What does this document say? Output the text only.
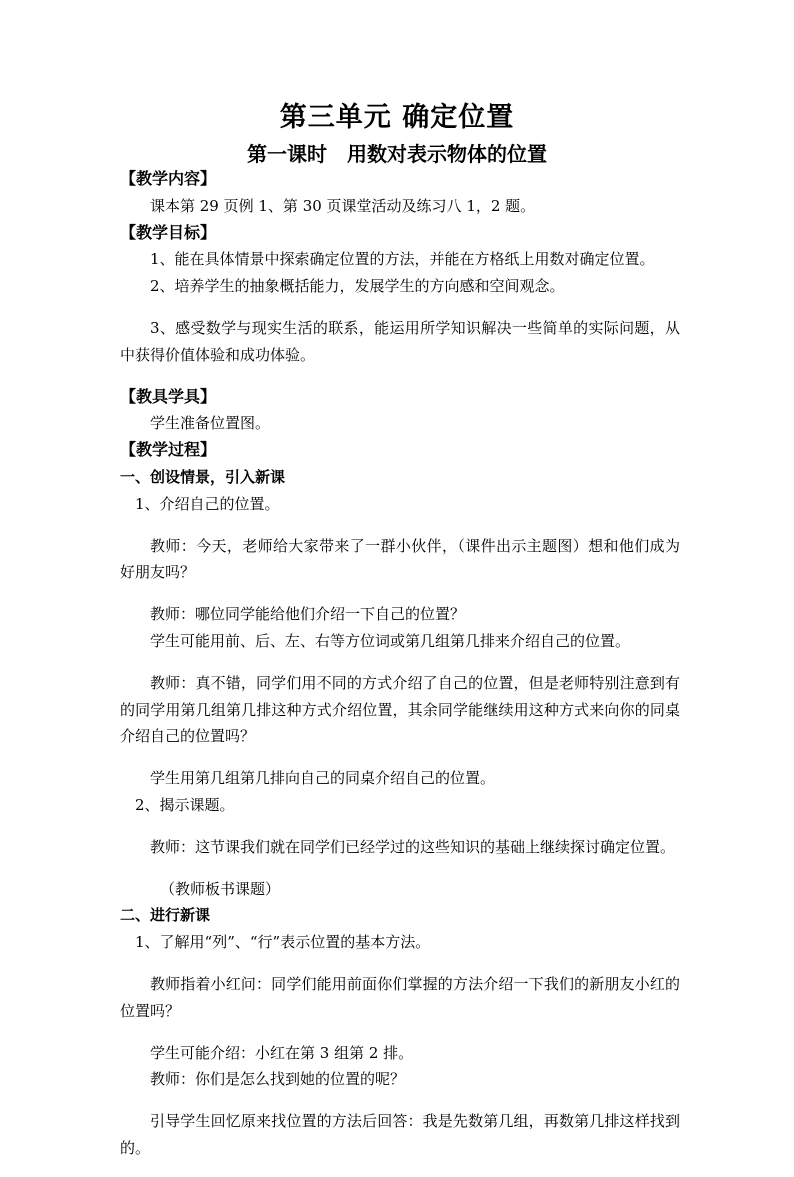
第三单元 确定位置
第一课时　用数对表示物体的位置

【教学内容】

课本第 29 页例 1、第 30 页课堂活动及练习八 1，2 题。

【教学目标】

1、能在具体情景中探索确定位置的方法，并能在方格纸上用数对确定位置。

2、培养学生的抽象概括能力，发展学生的方向感和空间观念。

3、感受数学与现实生活的联系，能运用所学知识解决一些简单的实际问题，从中获得价值体验和成功体验。

【教具学具】

学生准备位置图。

【教学过程】

一、创设情景，引入新课

1、介绍自己的位置。

教师：今天，老师给大家带来了一群小伙伴，（课件出示主题图）想和他们成为好朋友吗？

教师：哪位同学能给他们介绍一下自己的位置？

学生可能用前、后、左、右等方位词或第几组第几排来介绍自己的位置。

教师：真不错，同学们用不同的方式介绍了自己的位置，但是老师特别注意到有的同学用第几组第几排这种方式介绍位置，其余同学能继续用这种方式来向你的同桌介绍自己的位置吗？

学生用第几组第几排向自己的同桌介绍自己的位置。

2、揭示课题。

教师：这节课我们就在同学们已经学过的这些知识的基础上继续探讨确定位置。

（教师板书课题）

二、进行新课

1、了解用“列”、“行”表示位置的基本方法。

教师指着小红问：同学们能用前面你们掌握的方法介绍一下我们的新朋友小红的位置吗？

学生可能介绍：小红在第 3 组第 2 排。

教师：你们是怎么找到她的位置的呢？

引导学生回忆原来找位置的方法后回答：我是先数第几组，再数第几排这样找到的。
